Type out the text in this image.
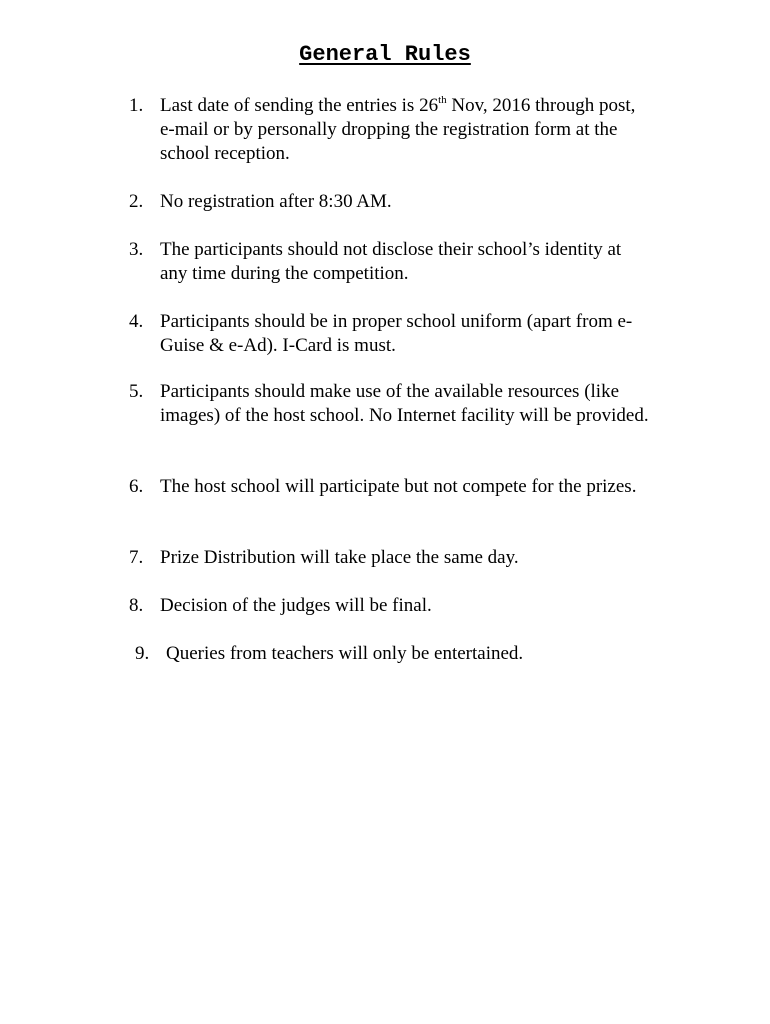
General Rules
1. Last date of sending the entries is 26th Nov, 2016 through post, e-mail or by personally dropping the registration form at the school reception.
2. No registration after 8:30 AM.
3. The participants should not disclose their school’s identity at any time during the competition.
4. Participants should be in proper school uniform (apart from e-Guise & e-Ad). I-Card is must.
5. Participants should make use of the available resources (like images) of the host school. No Internet facility will be provided.
6. The host school will participate but not compete for the prizes.
7. Prize Distribution will take place the same day.
8. Decision of the judges will be final.
9. Queries from teachers will only be entertained.
